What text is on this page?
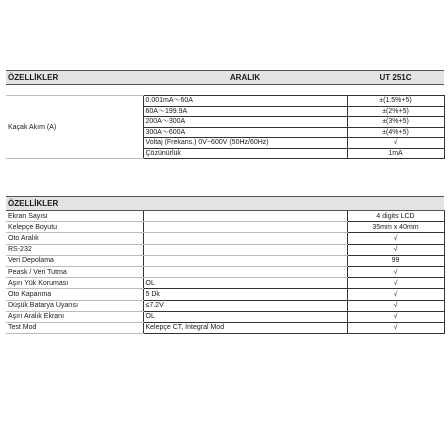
ÖZELLİKLER	ARALIK	UT 251C

Kaçak Akım (A)	0.001mA～60A	±(1.5%+5)
	60A～199.9A	±(2%+5)
	200A～300A	±(3%+5)
	300A～600A	±(4%+5)
	Voltaj (Frekans.) 0V~600V (50Hz/60Hz)	√
	Çözünürlük	1mA
ÖZELLİKLER		
Ekran Sayısı		4 digits LCD
Kelepçe Boyutu		35mm x 40mm
Oto Aralık		√
RS-232		√
Veri Depolama		99
Peask / Veri Tutma		√
Aşırı Yük Koruması	OL	√
Oto Kapanma	5 Dk	√
Düşük Batarya Uyarısı	≤7.2V	√
Aşırı Aralık Ekranı	OL	√
Test Mod	Kelepçe CT, İntegral Mod	√
